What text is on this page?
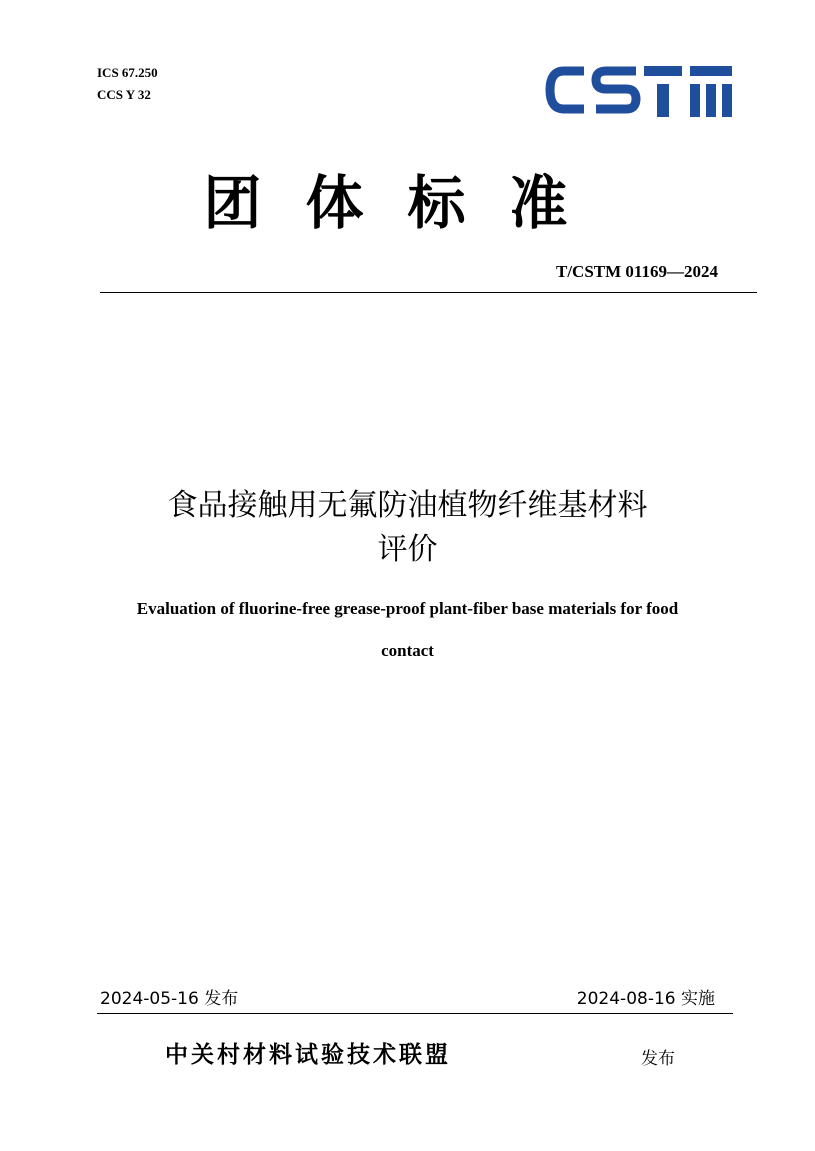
ICS 67.250
CCS Y 32
团体标准
T/CSTM 01169—2024
食品接触用无氟防油植物纤维基材料
评价
Evaluation of fluorine-free grease-proof plant-fiber base materials for food
contact
2024-05-16 发布	2024-08-16 实施
中关村材料试验技术联盟	发布
